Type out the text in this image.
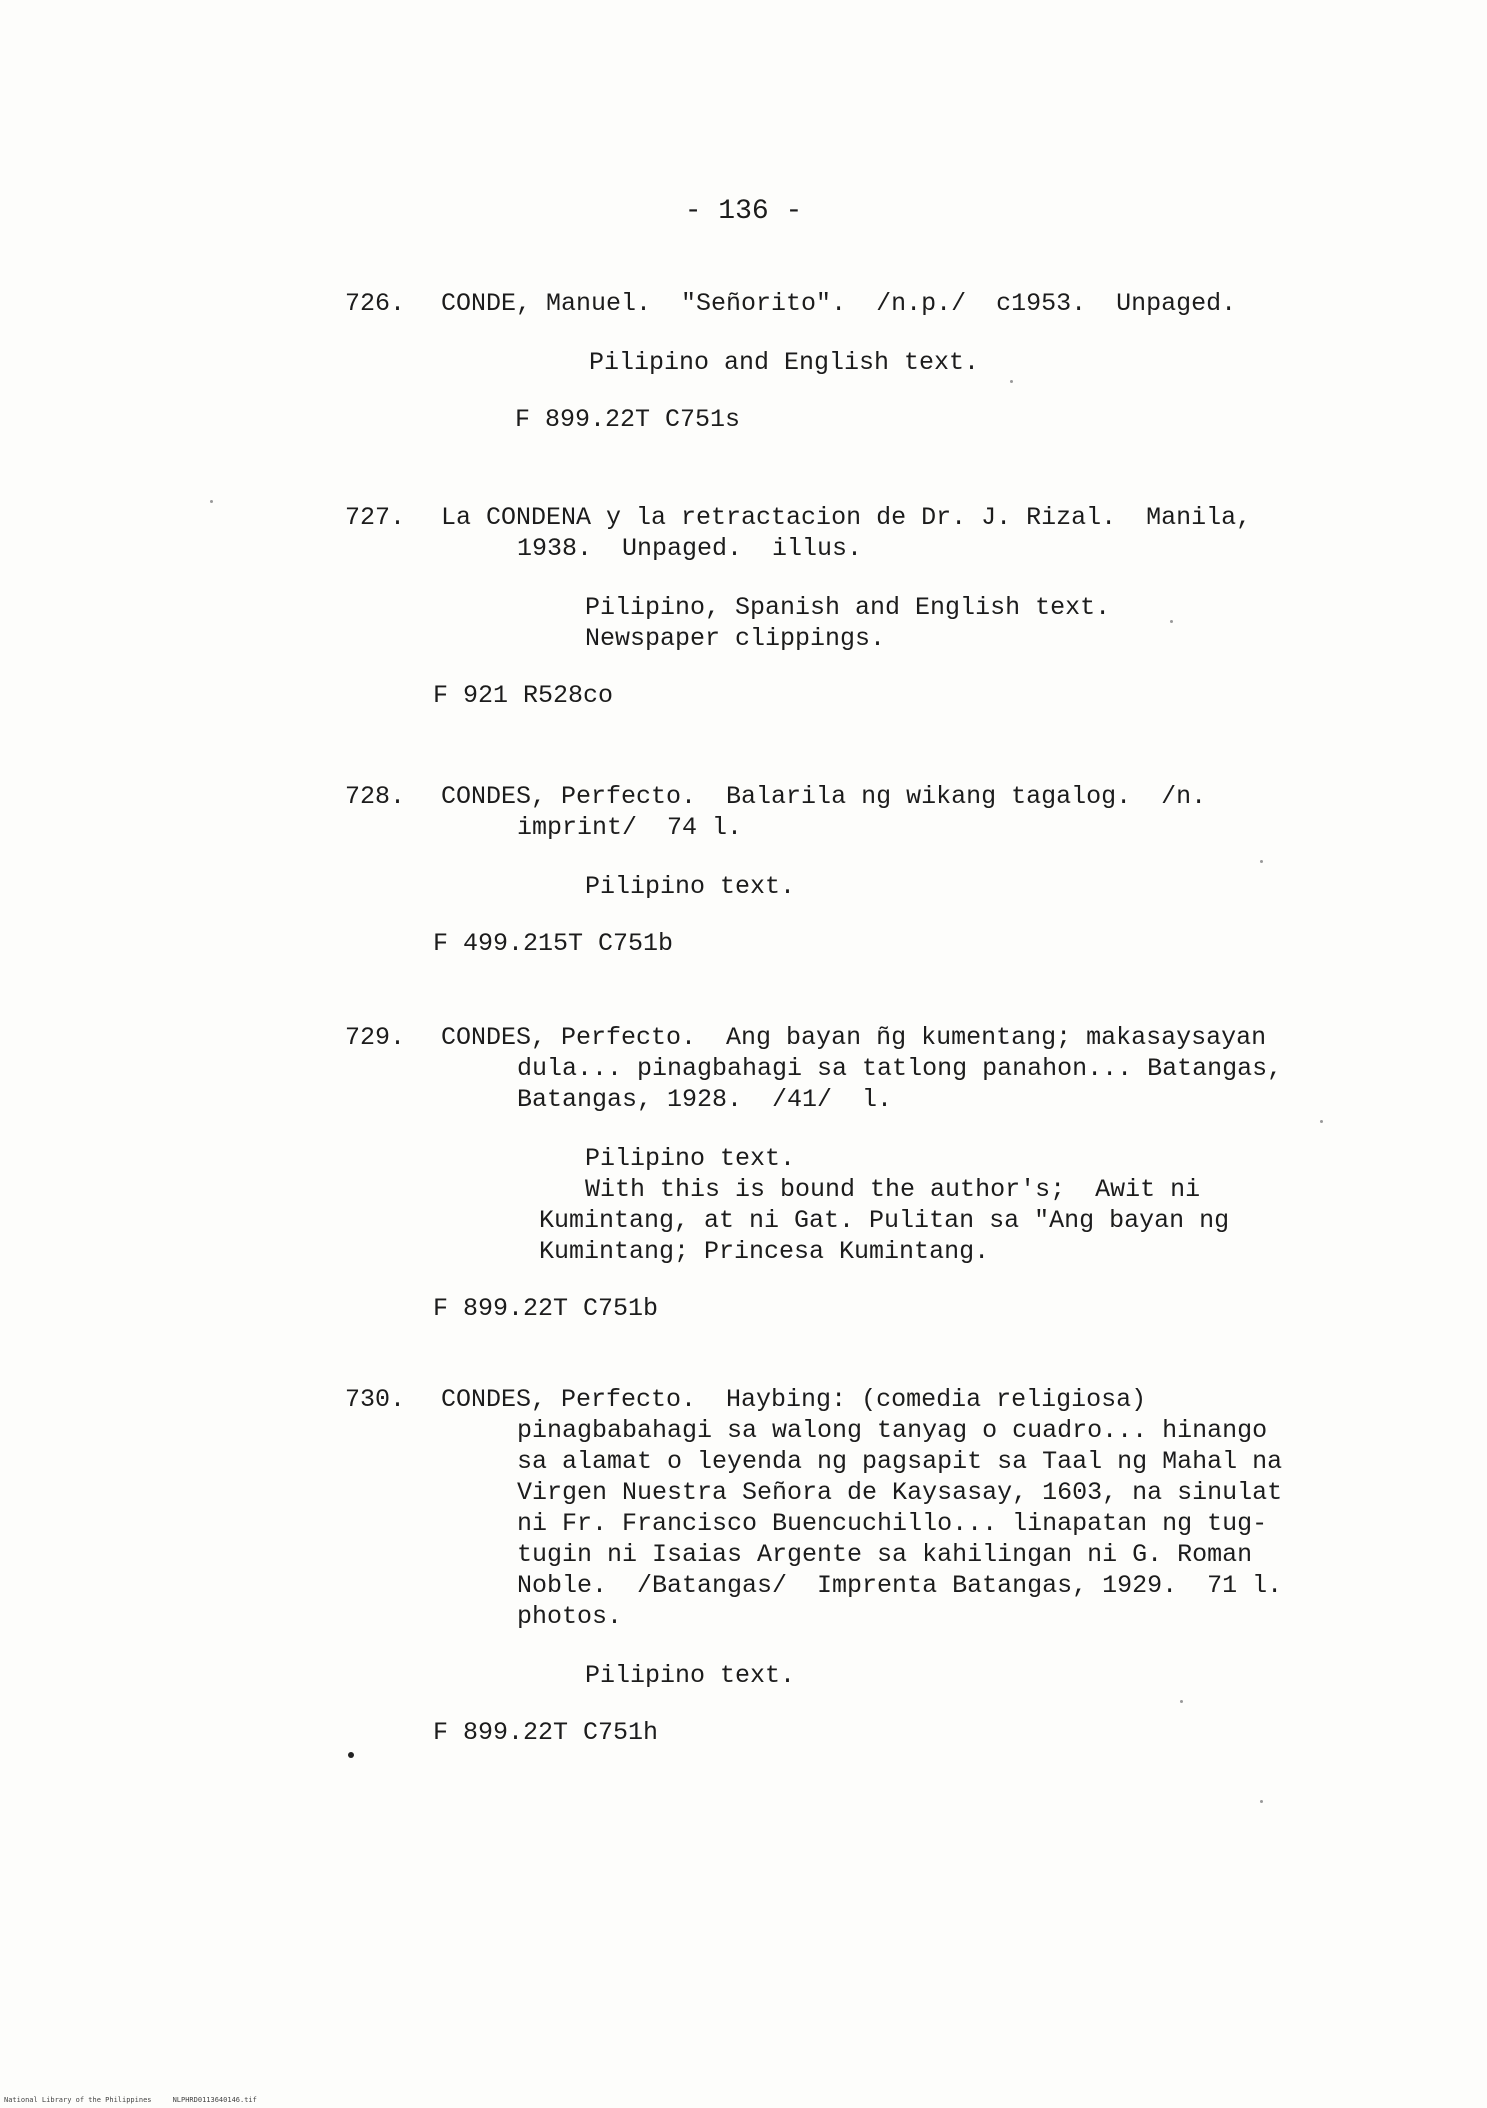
- 136 -
726. CONDE, Manuel.  "Señorito".  /n.p./  c1953.  Unpaged.
Pilipino and English text.
F 899.22T C751s
727. La CONDENA y la retractacion de Dr. J. Rizal.  Manila,
1938.  Unpaged.  illus.
Pilipino, Spanish and English text.
Newspaper clippings.
F 921 R528co
728. CONDES, Perfecto.  Balarila ng wikang tagalog.  /n.
imprint/  74 l.
Pilipino text.
F 499.215T C751b
729. CONDES, Perfecto.  Ang bayan ñg kumentang; makasaysayan
dula... pinagbahagi sa tatlong panahon... Batangas,
Batangas, 1928.  /41/  l.
Pilipino text.
With this is bound the author's;  Awit ni
Kumintang, at ni Gat. Pulitan sa "Ang bayan ng
Kumintang; Princesa Kumintang.
F 899.22T C751b
730. CONDES, Perfecto.  Haybing: (comedia religiosa)
pinagbabahagi sa walong tanyag o cuadro... hinango
sa alamat o leyenda ng pagsapit sa Taal ng Mahal na
Virgen Nuestra Señora de Kaysasay, 1603, na sinulat
ni Fr. Francisco Buencuchillo... linapatan ng tug-
tugin ni Isaias Argente sa kahilingan ni G. Roman
Noble.  /Batangas/  Imprenta Batangas, 1929.  71 l.
photos.
Pilipino text.
F 899.22T C751h
National Library of the Philippines     NLPHRD0113640146.tif
